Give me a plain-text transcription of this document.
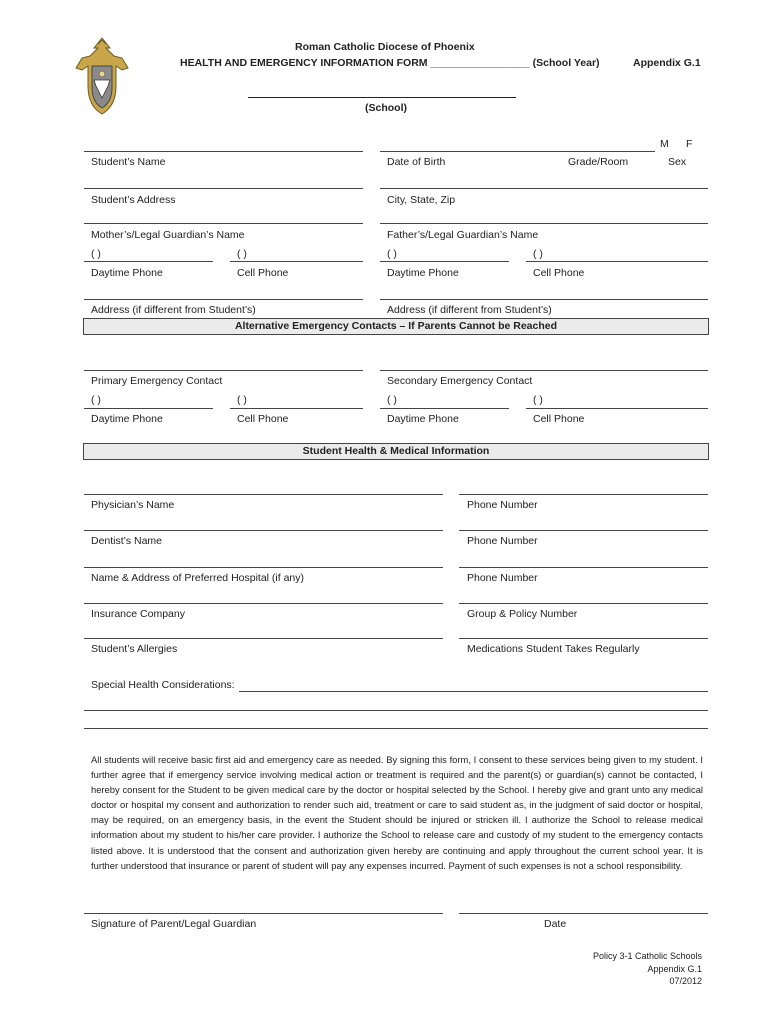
Roman Catholic Diocese of Phoenix
HEALTH AND EMERGENCY INFORMATION FORM _________________ (School Year)	Appendix G.1
(School)
M F
Student’s Name	Date of Birth	Grade/Room	Sex
Student’s Address	City, State, Zip
Mother’s/Legal Guardian’s Name	Father’s/Legal Guardian’s Name
( )	( )	( )	( )
Daytime Phone	Cell Phone	Daytime Phone	Cell Phone
Address (if different from Student’s)	Address (if different from Student’s)
Alternative Emergency Contacts – If Parents Cannot be Reached
Primary Emergency Contact	Secondary Emergency Contact
( )	( )	( )	( )
Daytime Phone	Cell Phone	Daytime Phone	Cell Phone
Student Health & Medical Information
Physician’s Name	Phone Number
Dentist’s Name	Phone Number
Name & Address of Preferred Hospital (if any)	Phone Number
Insurance Company	Group & Policy Number
Student’s Allergies	Medications Student Takes Regularly
Special Health Considerations:
All students will receive basic first aid and emergency care as needed. By signing this form, I consent to these services being given to my student. I further agree that if emergency service involving medical action or treatment is required and the parent(s) or guardian(s) cannot be contacted, I hereby consent for the Student to be given medical care by the doctor or hospital selected by the School. I hereby give and grant unto any medical doctor or hospital my consent and authorization to render such aid, treatment or care to said student as, in the judgment of said doctor or hospital, may be required, on an emergency basis, in the event the Student should be injured or stricken ill. I authorize the School to release medical information about my student to his/her care provider. I authorize the School to release care and custody of my student to the emergency contacts listed above. It is understood that the consent and authorization given hereby are continuing and apply throughout the current school year. It is further understood that insurance or parent of student will pay any expenses incurred. Payment of such expenses is not a school responsibility.
Signature of Parent/Legal Guardian	Date
Policy 3-1 Catholic Schools
Appendix G.1
07/2012
